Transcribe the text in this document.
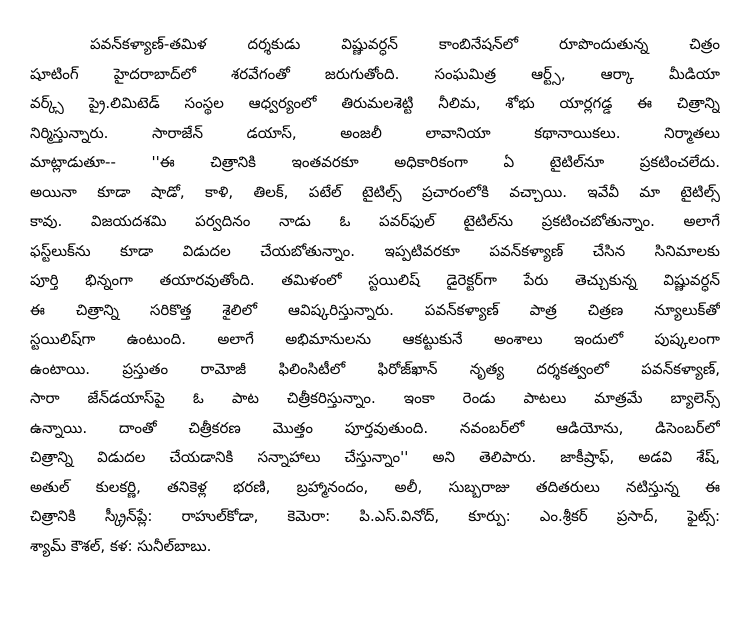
పవన్‌కళ్యాణ్‌-తమిళ దర్శకుడు విష్ణువర్ధన్‌ కాంబినేషన్‌లో రూపొందుతున్న చిత్రం
షూటింగ్‌ హైదరాబాద్‌లో శరవేగంతో జరుగుతోంది. సంఘమిత్ర ఆర్ట్స్‌, ఆర్కా మీడియా
వర్క్స్‌ ప్రై.లిమిటెడ్‌ సంస్థల ఆధ్వర్యంలో తిరుమలశెట్టి నీలిమ, శోభు యార్లగడ్డ ఈ చిత్రాన్ని
నిర్మిస్తున్నారు. సారాజేన్‌ డయాస్‌, అంజలీ లావానియా కథానాయికలు. నిర్మాతలు
మాట్లాడుతూ-- ''ఈ చిత్రానికి ఇంతవరకూ అధికారికంగా ఏ టైటిల్‌నూ ప్రకటించలేదు.
అయినా కూడా షాడో, కాళి, తిలక్‌, పటేల్‌ టైటిల్స్‌ ప్రచారంలోకి వచ్చాయి. ఇవేవీ మా టైటిల్స్‌
కావు. విజయదశమి పర్వదినం నాడు ఓ పవర్‌ఫుల్‌ టైటిల్‌ను ప్రకటించబోతున్నాం. అలాగే
ఫస్ట్‌లుక్‌ను కూడా విడుదల చేయబోతున్నాం. ఇప్పటివరకూ పవన్‌కళ్యాణ్‌ చేసిన సినిమాలకు
పూర్తి భిన్నంగా తయారవుతోంది. తమిళంలో స్టయిలిష్‌ డైరెక్టర్‌గా పేరు తెచ్చుకున్న విష్ణువర్ధన్‌
ఈ చిత్రాన్ని సరికొత్త శైలిలో ఆవిష్కరిస్తున్నారు. పవన్‌కళ్యాణ్‌ పాత్ర చిత్రణ న్యూలుక్‌తో
స్టయిలిష్‌గా ఉంటుంది. అలాగే అభిమానులను ఆకట్టుకునే అంశాలు ఇందులో పుష్కలంగా
ఉంటాయి. ప్రస్తుతం రామోజీ ఫిలిం‌సిటీలో ఫిరోజ్‌ఖాన్‌ నృత్య దర్శకత్వంలో పవన్‌కళ్యాణ్‌,
సారా జేన్‌డయాస్‌పై ఓ పాట చిత్రీకరిస్తున్నాం. ఇంకా రెండు పాటలు మాత్రమే బ్యాలెన్స్‌
ఉన్నాయి. దాంతో చిత్రీకరణ మొత్తం పూర్తవుతుంది. నవంబర్‌లో ఆడియోను, డిసెంబర్‌లో
చిత్రాన్ని విడుదల చేయడానికి సన్నాహాలు చేస్తున్నాం'' అని తెలిపారు. జాకీ‌ష్రాఫ్‌, అడవి శేష్‌,
అతుల్‌ కులకర్ణి, తనికెళ్ల భరణి, బ్రహ్మానందం, అలీ, సుబ్బరాజు తదితరులు నటిస్తున్న ఈ
చిత్రానికి స్క్రీన్‌ప్లే: రాహుల్‌కోడా, కెమెరా: పి.ఎస్‌.వినోద్‌, కూర్పు: ఎం.శ్రీకర్‌ ప్రసాద్‌, ఫైట్స్‌:
శ్యామ్‌ కౌశల్‌, కళ: సునీల్‌బాబు.
